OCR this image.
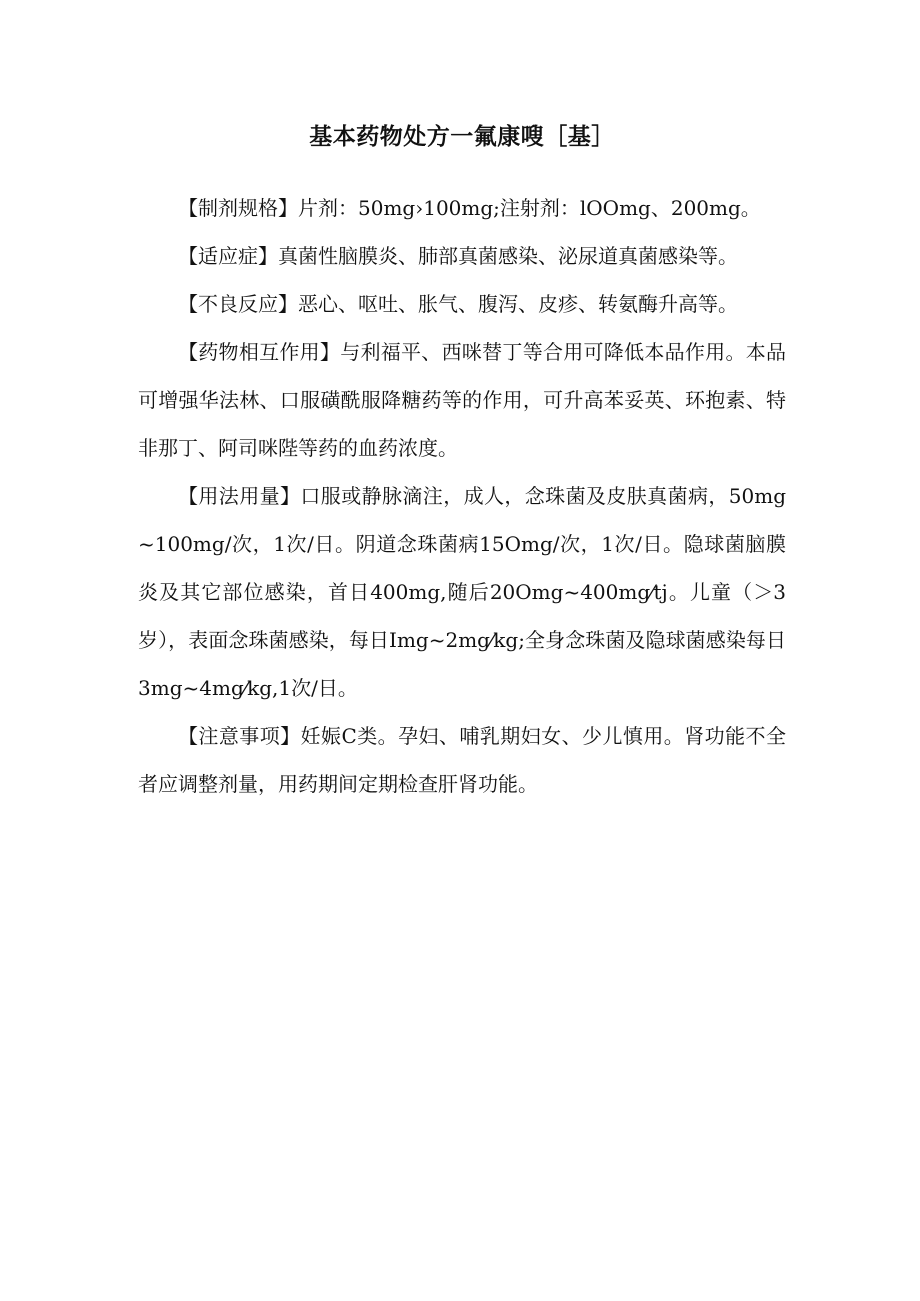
基本药物处方一氟康嗖［基］

【制剂规格】片剂：50mg›100mg;注射剂：lOOmg、200mg。

【适应症】真菌性脑膜炎、肺部真菌感染、泌尿道真菌感染等。

【不良反应】恶心、呕吐、胀气、腹泻、皮疹、转氨酶升高等。

【药物相互作用】与利福平、西咪替丁等合用可降低本品作用。本品可增强华法林、口服磺酰服降糖药等的作用，可升高苯妥英、环抱素、特非那丁、阿司咪陛等药的血药浓度。

【用法用量】口服或静脉滴注，成人，念珠菌及皮肤真菌病，50mg~100mg/次，1次/日。阴道念珠菌病15Omg/次，1次/日。隐球菌脑膜炎及其它部位感染，首日400mg,随后20Omg~400mg⁄tj。儿童（＞3岁），表面念珠菌感染，每日Img~2mg⁄kg;全身念珠菌及隐球菌感染每日3mg~4mg⁄kg,1次/日。

【注意事项】妊娠C类。孕妇、哺乳期妇女、少儿慎用。肾功能不全者应调整剂量，用药期间定期检查肝肾功能。
